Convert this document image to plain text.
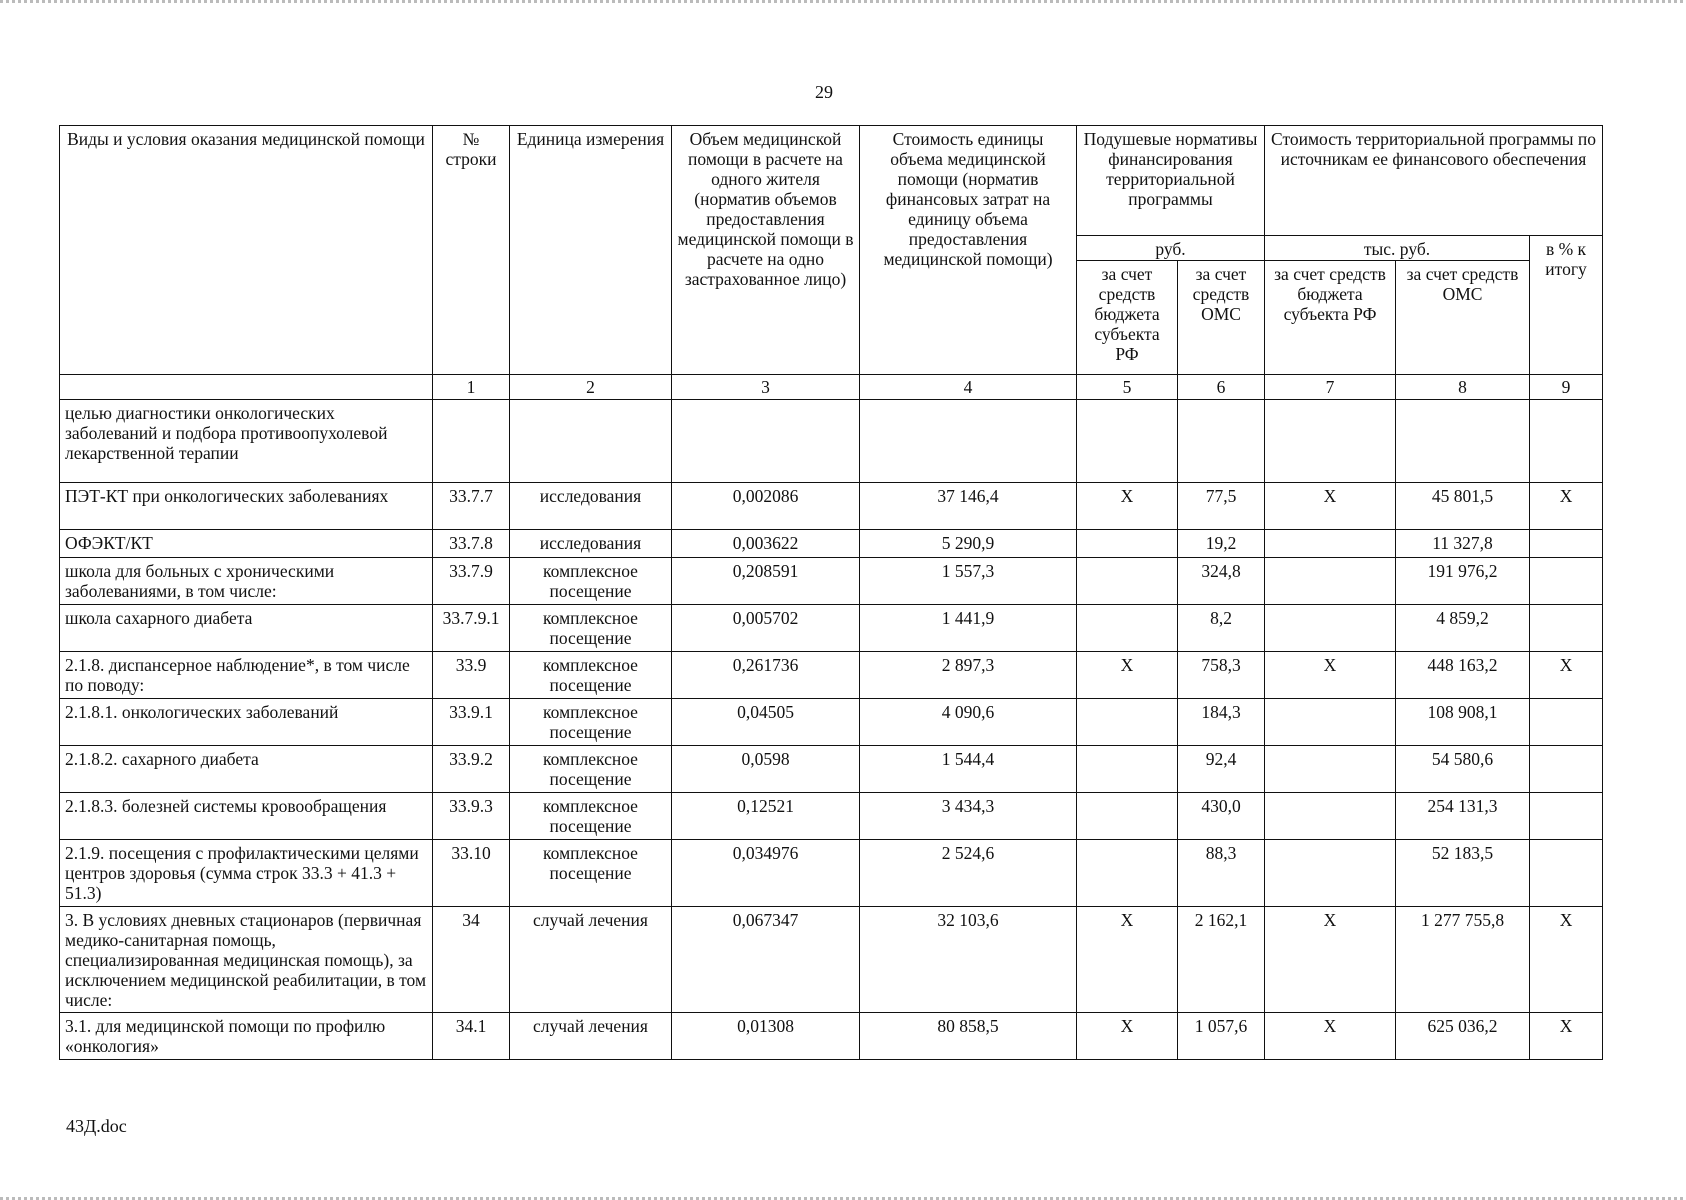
29
Виды и условия оказания медицинской помощи	№ строки	Единица измерения	Объем медицинской помощи в расчете на одного жителя (норматив объемов предоставления медицинской помощи в расчете на одно застрахованное лицо)	Стоимость единицы объема медицинской помощи (норматив финансовых затрат на единицу объема предоставления медицинской помощи)	Подушевые нормативы финансирования территориальной программы		Стоимость территориальной программы по источникам ее финансового обеспечения		
					руб.		тыс. руб.		в % к итогу
					за счет средств бюджета субъекта РФ	за счет средств ОМС	за счет средств бюджета субъекта РФ	за счет средств ОМС	
	1	2	3	4	5	6	7	8	9
целью диагностики онкологических заболеваний и подбора противоопухолевой лекарственной терапии									
ПЭТ-КТ при онкологических заболеваниях	33.7.7	исследования	0,002086	37 146,4	X	77,5	X	45 801,5	X
ОФЭКТ/КТ	33.7.8	исследования	0,003622	5 290,9		19,2		11 327,8	
школа для больных с хроническими заболеваниями, в том числе:	33.7.9	комплексное посещение	0,208591	1 557,3		324,8		191 976,2	
школа сахарного диабета	33.7.9.1	комплексное посещение	0,005702	1 441,9		8,2		4 859,2	
2.1.8. диспансерное наблюдение*, в том числе по поводу:	33.9	комплексное посещение	0,261736	2 897,3	X	758,3	X	448 163,2	X
2.1.8.1. онкологических заболеваний	33.9.1	комплексное посещение	0,04505	4 090,6		184,3		108 908,1	
2.1.8.2. сахарного диабета	33.9.2	комплексное посещение	0,0598	1 544,4		92,4		54 580,6	
2.1.8.3. болезней системы кровообращения	33.9.3	комплексное посещение	0,12521	3 434,3		430,0		254 131,3	
2.1.9. посещения с профилактическими целями центров здоровья (сумма строк 33.3 + 41.3 + 51.3)	33.10	комплексное посещение	0,034976	2 524,6		88,3		52 183,5	
3. В условиях дневных стационаров (первичная медико-санитарная помощь, специализированная медицинская помощь), за исключением медицинской реабилитации, в том числе:	34	случай лечения	0,067347	32 103,6	X	2 162,1	X	1 277 755,8	X
3.1. для медицинской помощи по профилю «онкология»	34.1	случай лечения	0,01308	80 858,5	X	1 057,6	X	625 036,2	X
43Д.doc
